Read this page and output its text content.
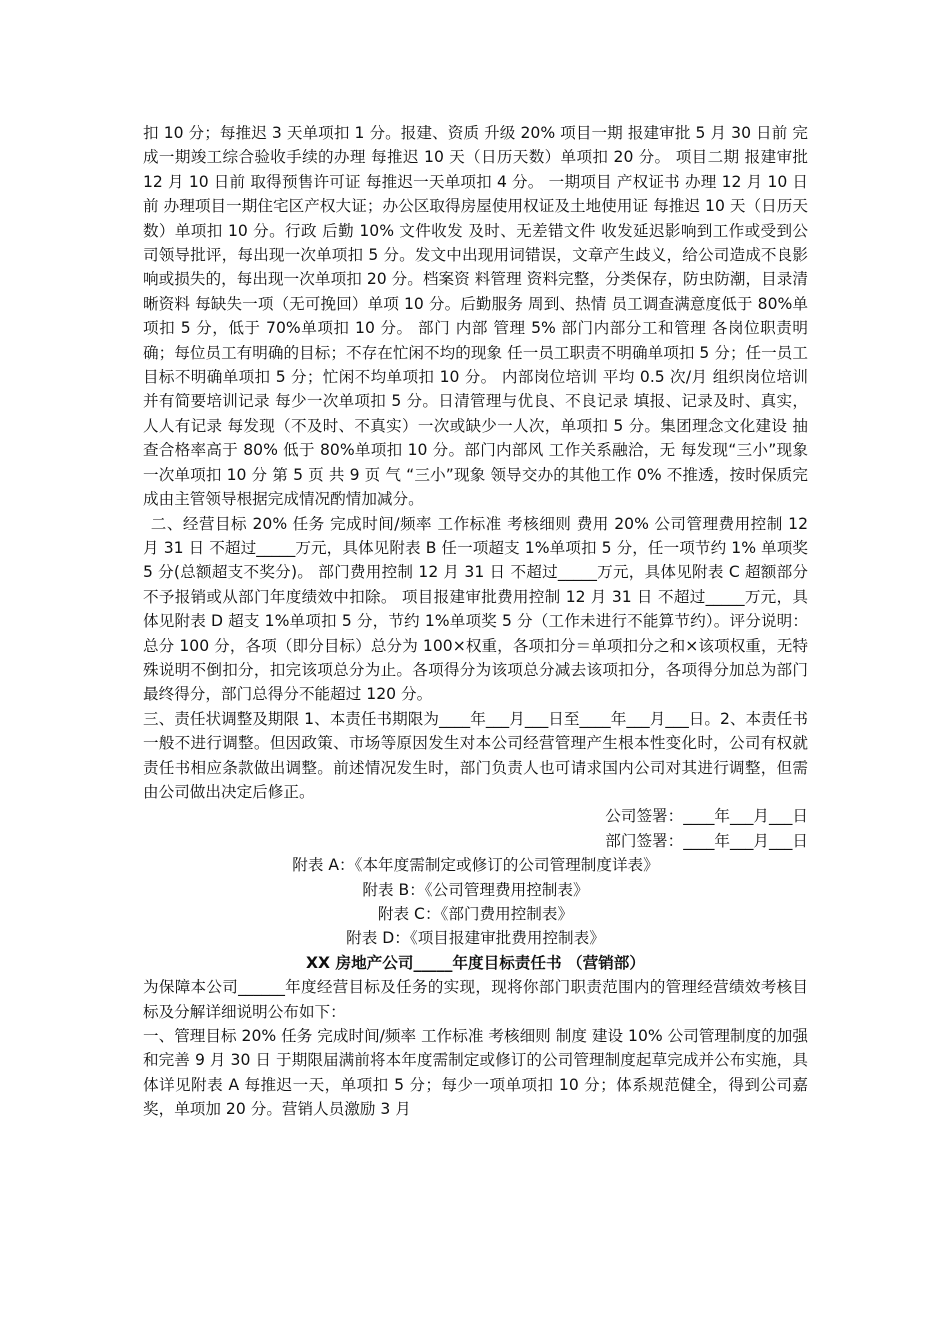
扣 10 分；每推迟 3 天单项扣 1 分。报建、资质 升级 20% 项目一期 报建审批 5 月 30 日前 完成一期竣工综合验收手续的办理 每推迟 10 天（日历天数）单项扣 20 分。 项目二期 报建审批 12 月 10 日前 取得预售许可证 每推迟一天单项扣 4 分。 一期项目 产权证书 办理 12 月 10 日前 办理项目一期住宅区产权大证；办公区取得房屋使用权证及土地使用证 每推迟 10 天（日历天数）单项扣 10 分。行政 后勤 10% 文件收发 及时、无差错文件 收发延迟影响到工作或受到公司领导批评，每出现一次单项扣 5 分。发文中出现用词错误，文章产生歧义，给公司造成不良影响或损失的，每出现一次单项扣 20 分。档案资 料管理 资料完整，分类保存，防虫防潮，目录清晰资料 每缺失一项（无可挽回）单项 10 分。后勤服务 周到、热情 员工调查满意度低于 80%单项扣 5 分，低于 70%单项扣 10 分。 部门 内部 管理 5% 部门内部分工和管理 各岗位职责明确；每位员工有明确的目标；不存在忙闲不均的现象 任一员工职责不明确单项扣 5 分；任一员工目标不明确单项扣 5 分；忙闲不均单项扣 10 分。 内部岗位培训 平均 0.5 次/月 组织岗位培训并有简要培训记录 每少一次单项扣 5 分。日清管理与优良、不良记录 填报、记录及时、真实，人人有记录 每发现（不及时、不真实）一次或缺少一人次，单项扣 5 分。集团理念文化建设 抽查合格率高于 80% 低于 80%单项扣 10 分。部门内部风 工作关系融洽，无 每发现“三小”现象一次单项扣 10 分 第 5 页 共 9 页 气 “三小”现象 领导交办的其他工作 0% 不推透，按时保质完成由主管领导根据完成情况酌情加减分。

二、经营目标 20% 任务 完成时间/频率 工作标准 考核细则 费用 20% 公司管理费用控制 12 月 31 日 不超过_____万元，具体见附表 B 任一项超支 1%单项扣 5 分，任一项节约 1% 单项奖 5 分(总额超支不奖分)。 部门费用控制 12 月 31 日 不超过_____万元，具体见附表 C 超额部分不予报销或从部门年度绩效中扣除。 项目报建审批费用控制 12 月 31 日 不超过_____万元，具体见附表 D 超支 1%单项扣 5 分，节约 1%单项奖 5 分（工作未进行不能算节约）。评分说明：总分 100 分，各项（即分目标）总分为 100×权重，各项扣分＝单项扣分之和×该项权重，无特殊说明不倒扣分，扣完该项总分为止。各项得分为该项总分减去该项扣分，各项得分加总为部门最终得分，部门总得分不能超过 120 分。

三、责任状调整及期限 1、本责任书期限为____年___月___日至____年___月___日。2、本责任书一般不进行调整。但因政策、市场等原因发生对本公司经营管理产生根本性变化时，公司有权就责任书相应条款做出调整。前述情况发生时，部门负责人也可请求国内公司对其进行调整，但需由公司做出决定后修正。

公司签署：____年___月___日

部门签署：____年___月___日

附表 A：《本年度需制定或修订的公司管理制度详表》

附表 B：《公司管理费用控制表》

附表 C：《部门费用控制表》

附表 D：《项目报建审批费用控制表》

XX 房地产公司_____年度目标责任书 （营销部）

为保障本公司______年度经营目标及任务的实现，现将你部门职责范围内的管理经营绩效考核目标及分解详细说明公布如下：

一、管理目标 20% 任务 完成时间/频率 工作标准 考核细则 制度 建设 10% 公司管理制度的加强和完善 9 月 30 日 于期限届满前将本年度需制定或修订的公司管理制度起草完成并公布实施，具体详见附表 A 每推迟一天，单项扣 5 分；每少一项单项扣 10 分；体系规范健全，得到公司嘉奖，单项加 20 分。营销人员激励 3 月
